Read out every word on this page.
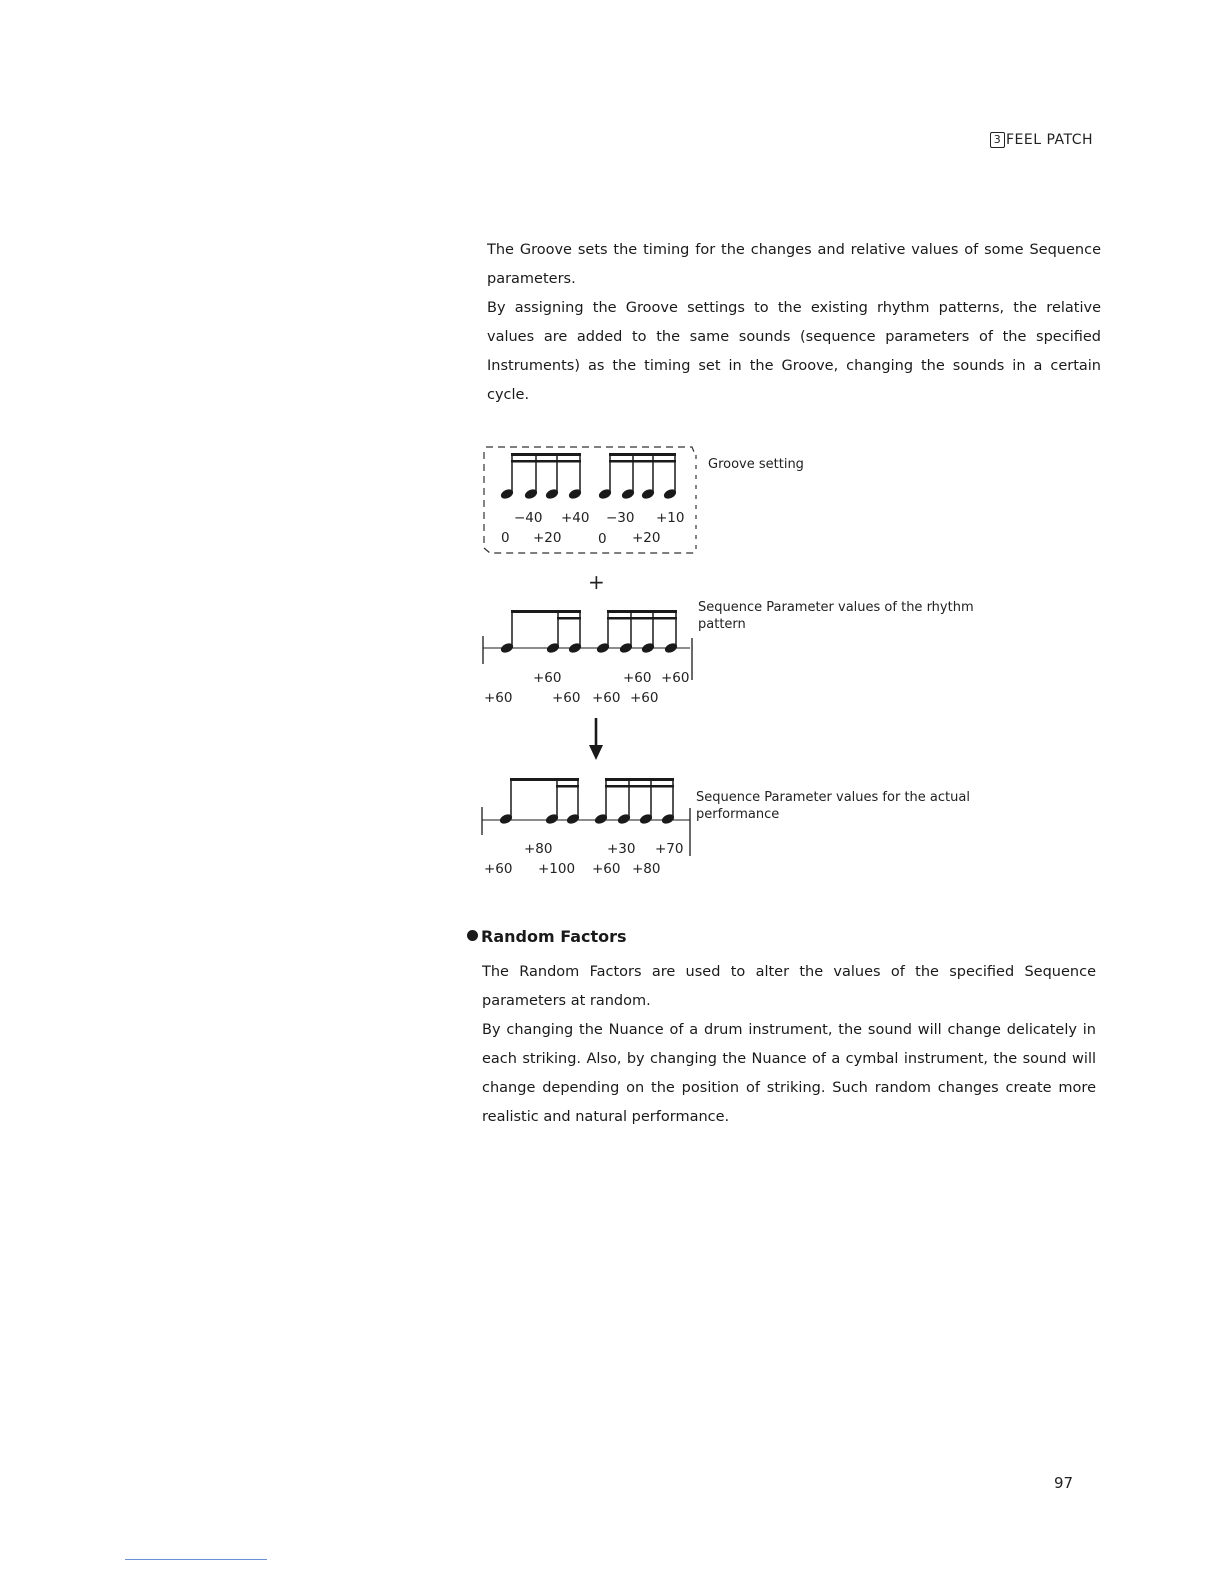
3 FEEL PATCH

The Groove sets the timing for the changes and relative values of some Sequence parameters.

By assigning the Groove settings to the existing rhythm patterns, the relative values are added to the same sounds (sequence parameters of the specified Instruments) as the timing set in the Groove, changing the sounds in a certain cycle.

Groove setting
−40 +40 −30 +10
0 +20	0 +20
+
Sequence Parameter values of the rhythm
pattern
+60	+60 +60
+60	+60 +60 +60
Sequence Parameter values for the actual
performance
+80	+30 +70
+60 +100 +60 +80
Random Factors

The Random Factors are used to alter the values of the specified Sequence parameters at random.

By changing the Nuance of a drum instrument, the sound will change delicately in each striking. Also, by changing the Nuance of a cymbal instrument, the sound will change depending on the position of striking. Such random changes create more realistic and natural performance.

97
